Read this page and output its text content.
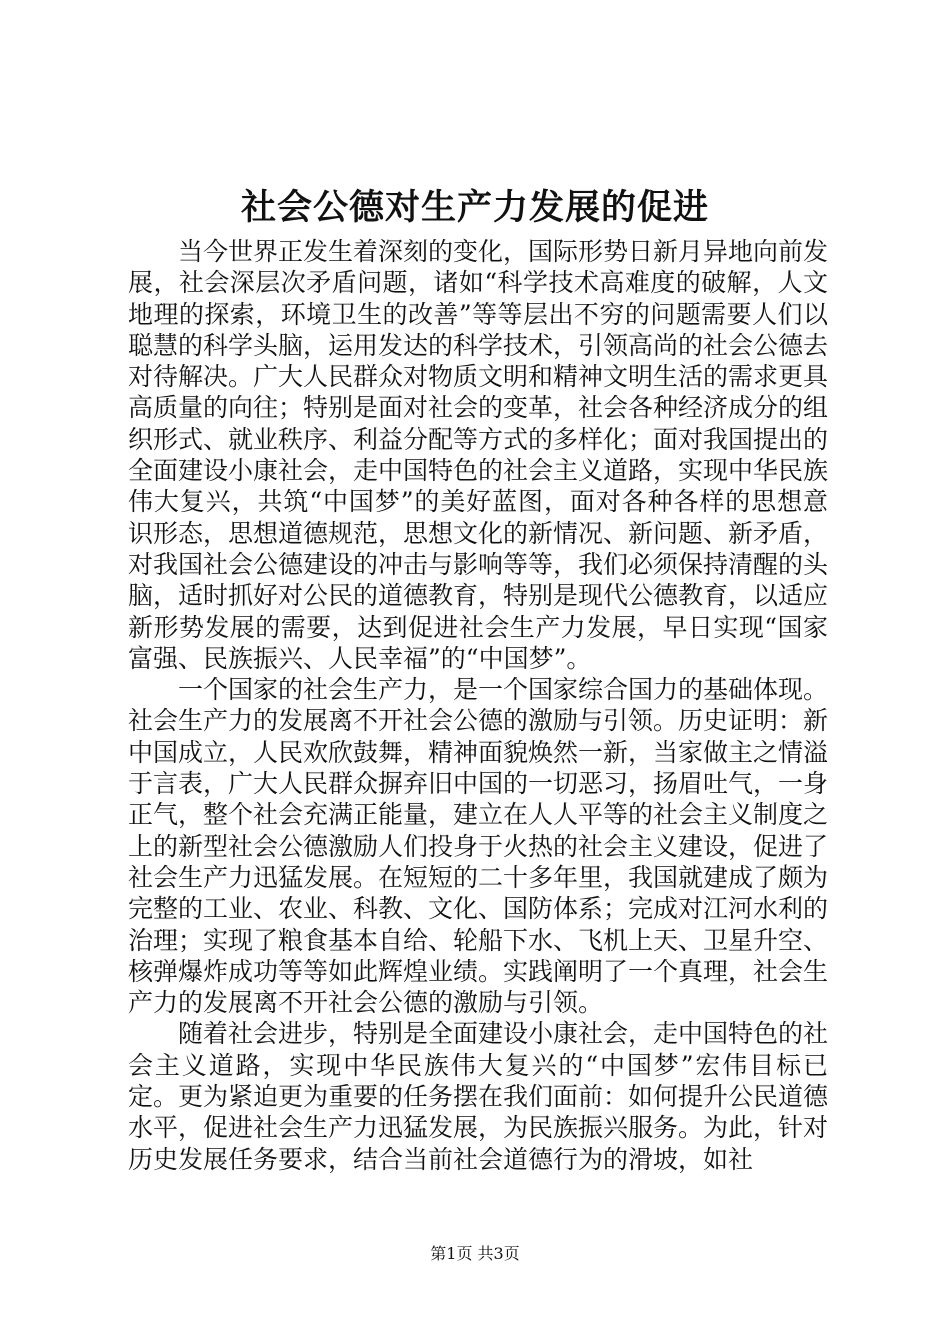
社会公德对生产力发展的促进

当今世界正发生着深刻的变化，国际形势日新月异地向前发展，社会深层次矛盾问题，诸如“科学技术高难度的破解，人文地理的探索，环境卫生的改善”等等层出不穷的问题需要人们以聪慧的科学头脑，运用发达的科学技术，引领高尚的社会公德去对待解决。广大人民群众对物质文明和精神文明生活的需求更具高质量的向往；特别是面对社会的变革，社会各种经济成分的组织形式、就业秩序、利益分配等方式的多样化；面对我国提出的全面建设小康社会，走中国特色的社会主义道路，实现中华民族伟大复兴，共筑“中国梦”的美好蓝图，面对各种各样的思想意识形态，思想道德规范，思想文化的新情况、新问题、新矛盾，对我国社会公德建设的冲击与影响等等，我们必须保持清醒的头脑，适时抓好对公民的道德教育，特别是现代公德教育，以适应新形势发展的需要，达到促进社会生产力发展，早日实现“国家富强、民族振兴、人民幸福”的“中国梦”。

一个国家的社会生产力，是一个国家综合国力的基础体现。社会生产力的发展离不开社会公德的激励与引领。历史证明：新中国成立，人民欢欣鼓舞，精神面貌焕然一新，当家做主之情溢于言表，广大人民群众摒弃旧中国的一切恶习，扬眉吐气，一身正气，整个社会充满正能量，建立在人人平等的社会主义制度之上的新型社会公德激励人们投身于火热的社会主义建设，促进了社会生产力迅猛发展。在短短的二十多年里，我国就建成了颇为完整的工业、农业、科教、文化、国防体系；完成对江河水利的治理；实现了粮食基本自给、轮船下水、飞机上天、卫星升空、核弹爆炸成功等等如此辉煌业绩。实践阐明了一个真理，社会生产力的发展离不开社会公德的激励与引领。

随着社会进步，特别是全面建设小康社会，走中国特色的社会主义道路，实现中华民族伟大复兴的“中国梦”宏伟目标已定。更为紧迫更为重要的任务摆在我们面前：如何提升公民道德水平，促进社会生产力迅猛发展，为民族振兴服务。为此，针对历史发展任务要求，结合当前社会道德行为的滑坡，如社

第1页 共3页
